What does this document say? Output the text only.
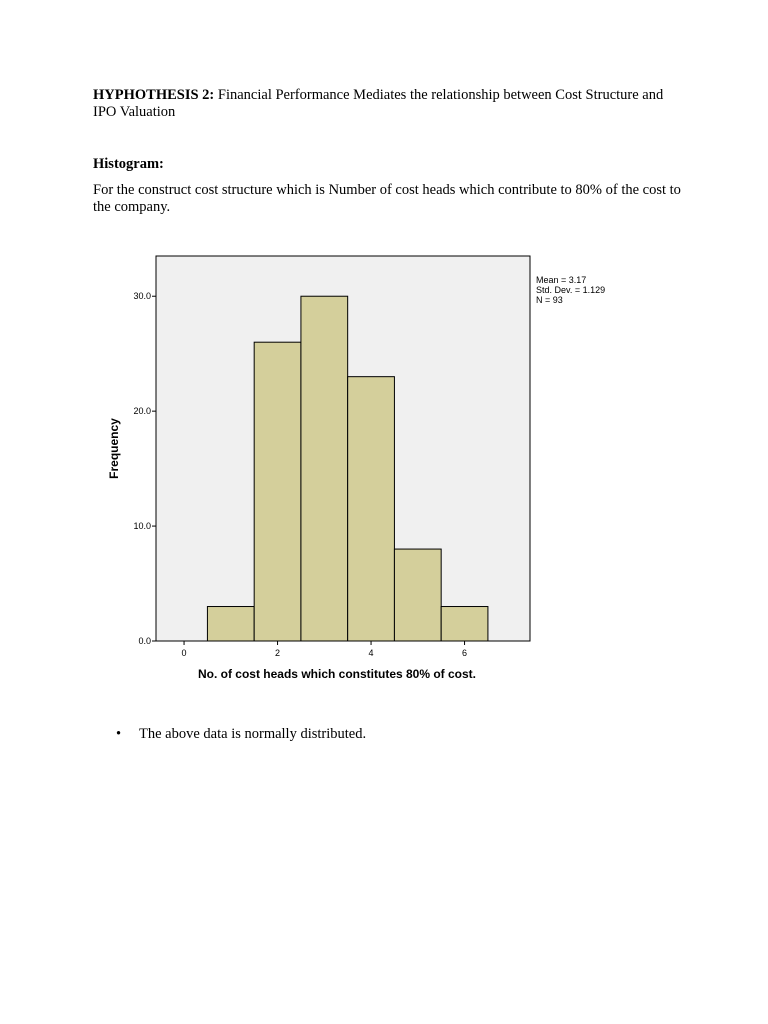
HYPHOTHESIS 2: Financial Performance Mediates the relationship between Cost Structure and IPO Valuation

Histogram:

For the construct cost structure which is Number of cost heads which contribute to 80% of the cost to the company.

0.0
10.0
20.0
30.0
0	2	4	6
No. of cost heads which constitutes 80% of cost.
Frequency
Mean = 3.17
Std. Dev. = 1.129
N = 93
• The above data is normally distributed.
